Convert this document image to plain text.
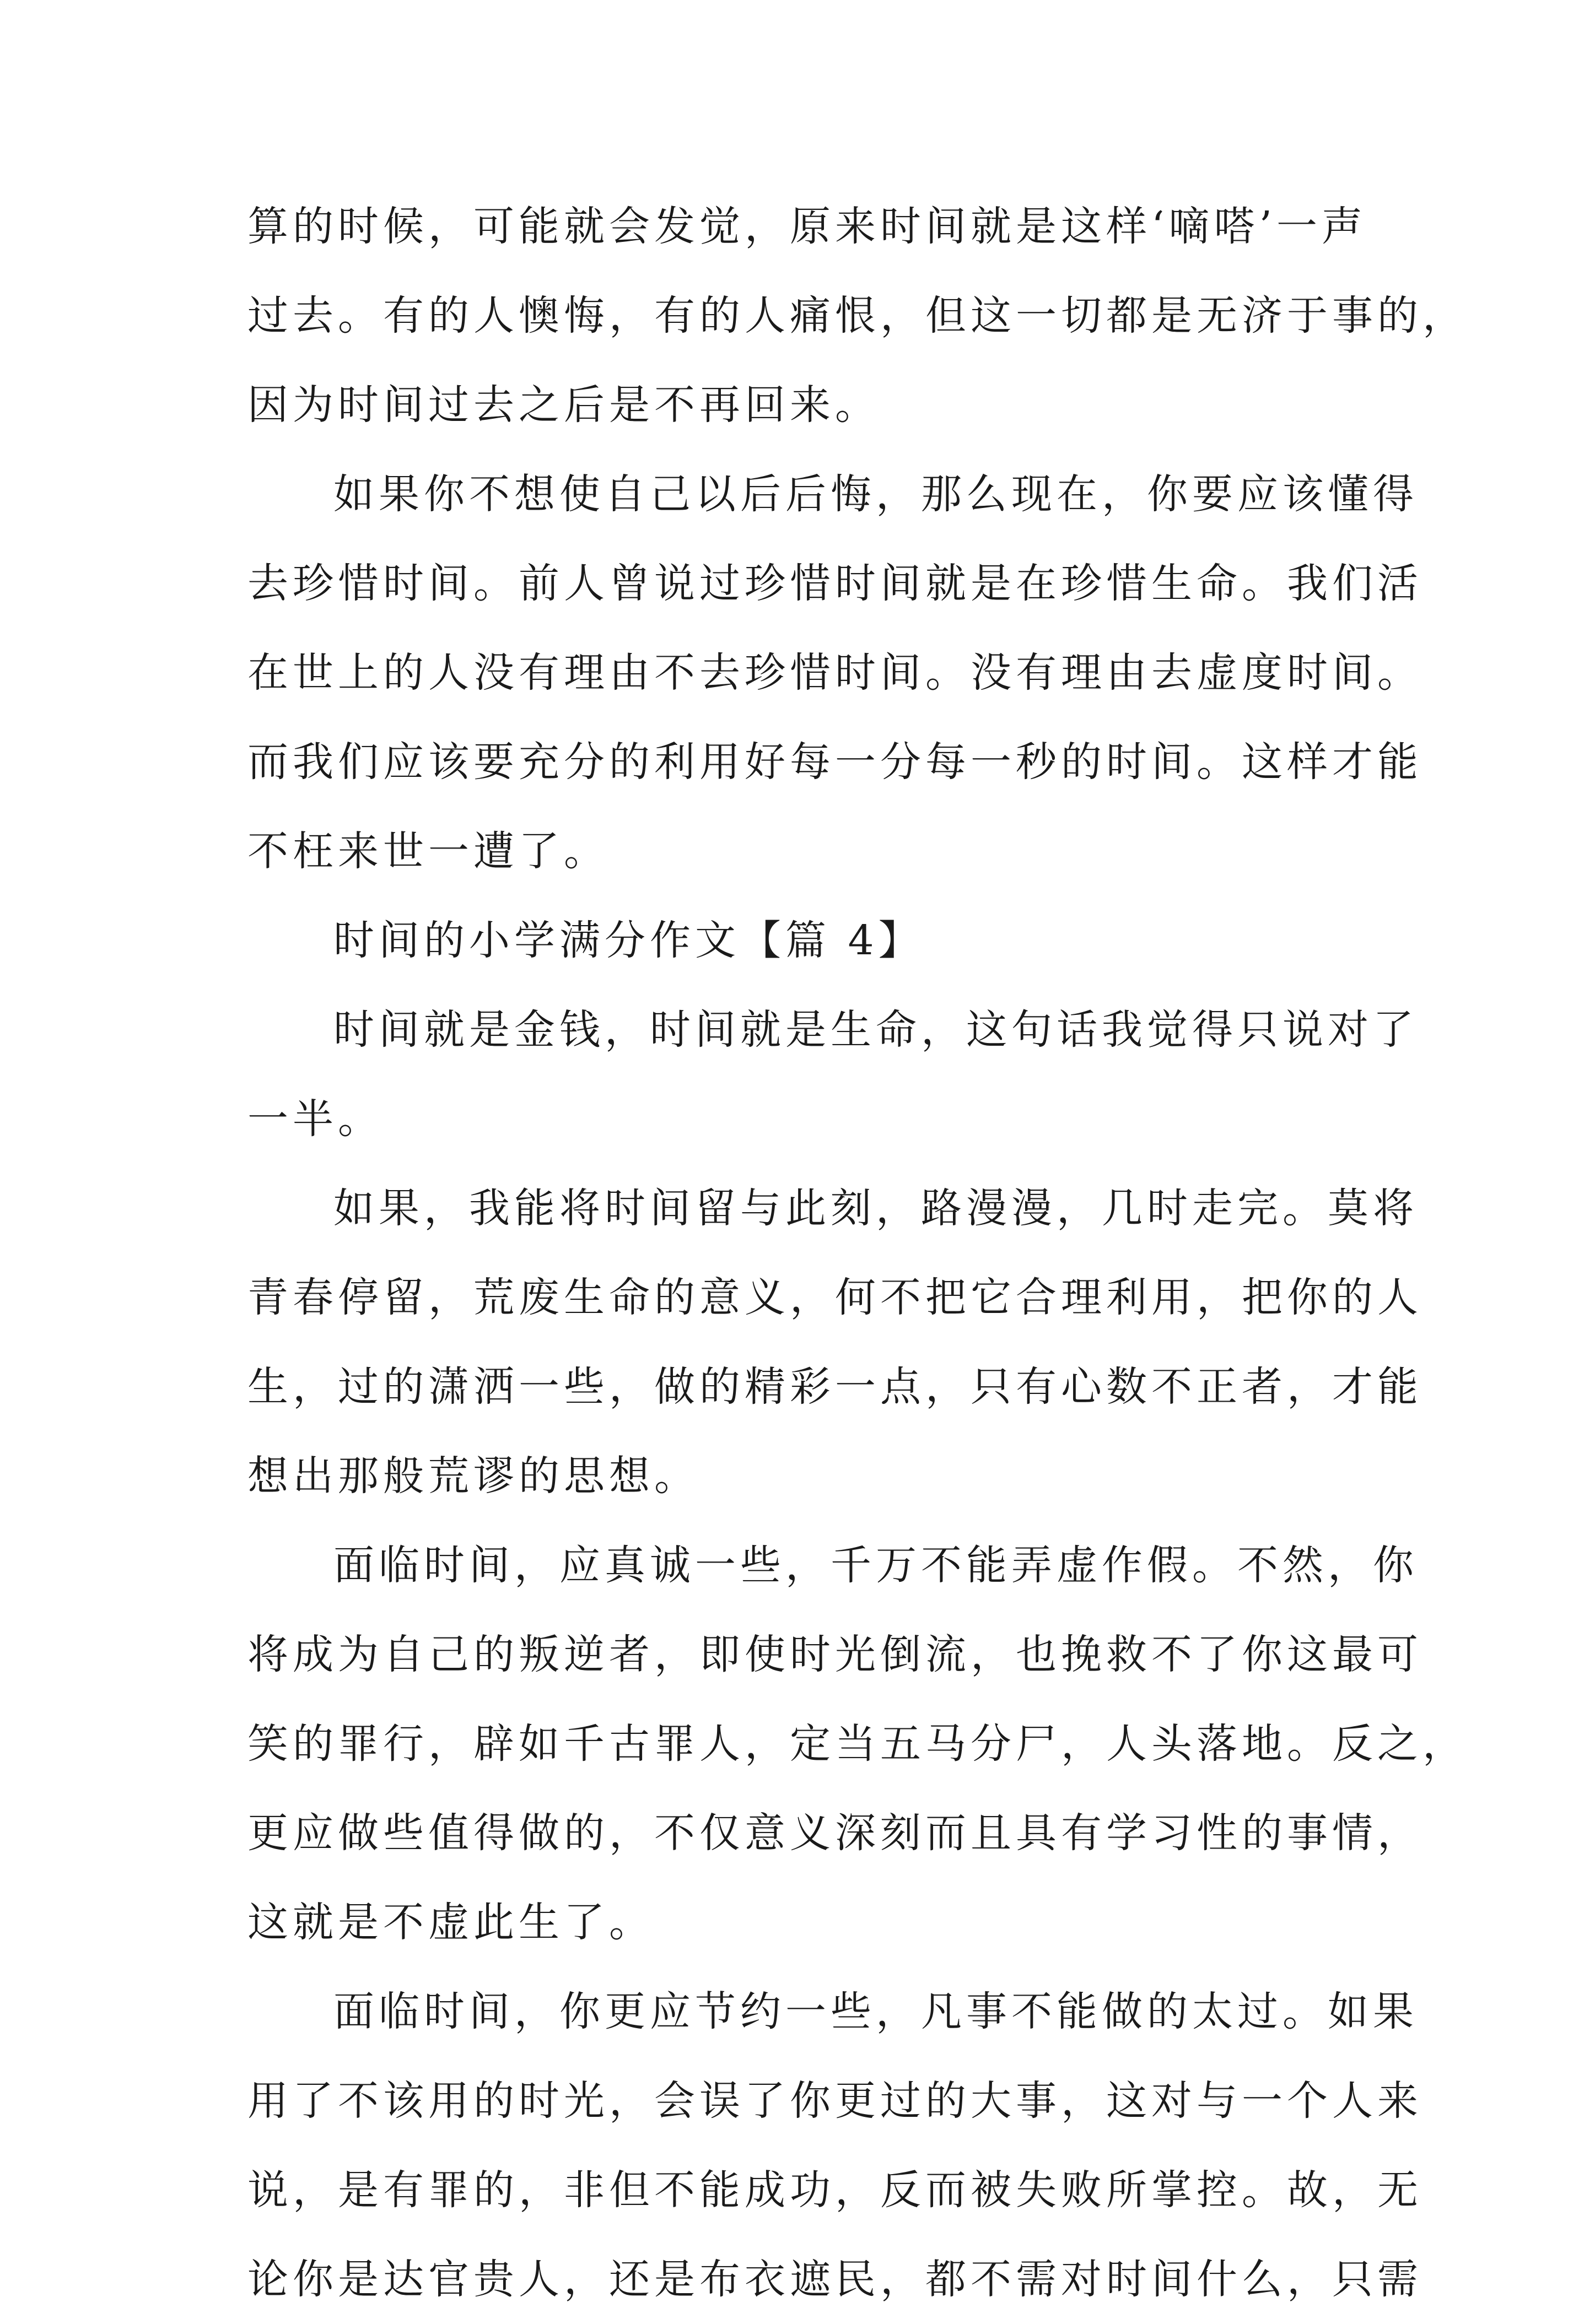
算的时候，可能就会发觉，原来时间就是这样‘嘀嗒’一声
过去。有的人懊悔，有的人痛恨，但这一切都是无济于事的，
因为时间过去之后是不再回来。
如果你不想使自己以后后悔，那么现在，你要应该懂得
去珍惜时间。前人曾说过珍惜时间就是在珍惜生命。我们活
在世上的人没有理由不去珍惜时间。没有理由去虚度时间。
而我们应该要充分的利用好每一分每一秒的时间。这样才能
不枉来世一遭了。
时间的小学满分作文【篇 4】
时间就是金钱，时间就是生命，这句话我觉得只说对了
一半。
如果，我能将时间留与此刻，路漫漫，几时走完。莫将
青春停留，荒废生命的意义，何不把它合理利用，把你的人
生，过的潇洒一些，做的精彩一点，只有心数不正者，才能
想出那般荒谬的思想。
面临时间，应真诚一些，千万不能弄虚作假。不然，你
将成为自己的叛逆者，即使时光倒流，也挽救不了你这最可
笑的罪行，辟如千古罪人，定当五马分尸，人头落地。反之，
更应做些值得做的，不仅意义深刻而且具有学习性的事情，
这就是不虚此生了。
面临时间，你更应节约一些，凡事不能做的太过。如果
用了不该用的时光，会误了你更过的大事，这对与一个人来
说，是有罪的，非但不能成功，反而被失败所掌控。故，无
论你是达官贵人，还是布衣遮民，都不需对时间什么，只需
